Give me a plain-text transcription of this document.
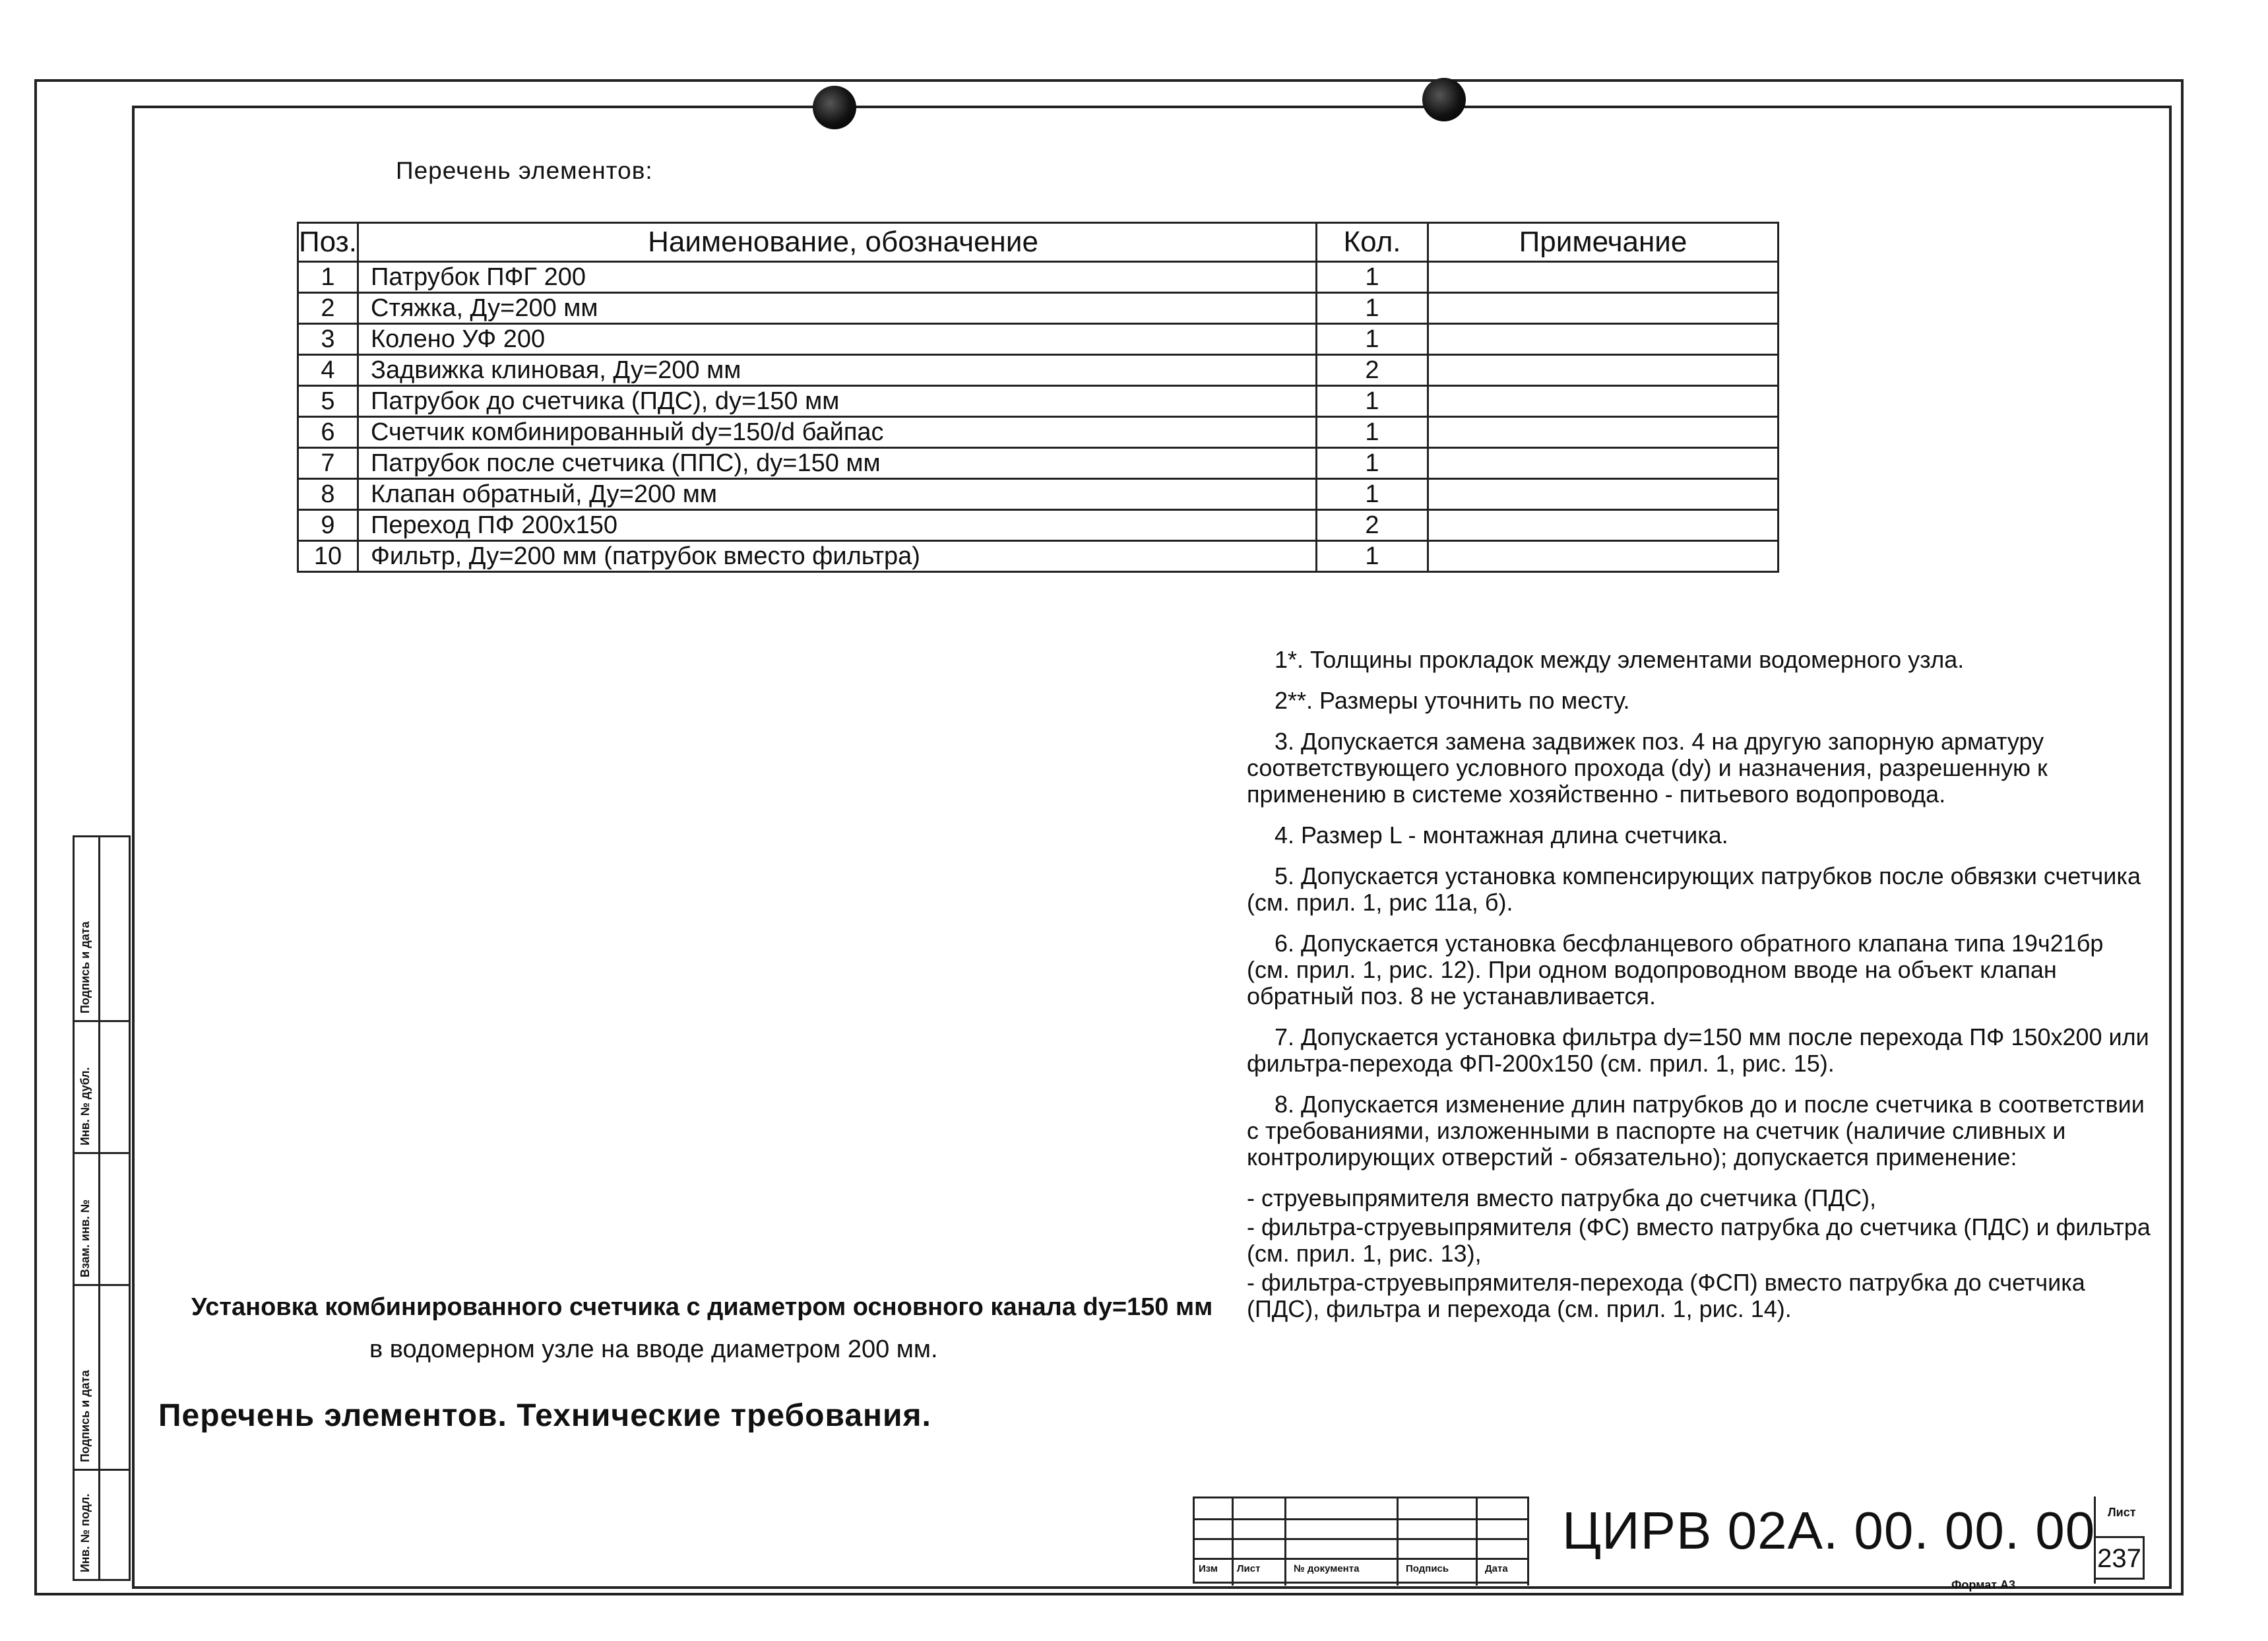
Перечень элементов:
Поз.	Наименование, обозначение	Кол.	Примечание
1	Патрубок ПФГ 200	1	
2	Стяжка, Ду=200 мм	1	
3	Колено УФ 200	1	
4	Задвижка клиновая, Ду=200 мм	2	
5	Патрубок до счетчика (ПДС), dy=150 мм	1	
6	Счетчик комбинированный dy=150/d байпас	1	
7	Патрубок после счетчика (ППС), dy=150 мм	1	
8	Клапан обратный, Ду=200 мм	1	
9	Переход ПФ 200х150	2	
10	Фильтр, Ду=200 мм (патрубок вместо фильтра)	1	

1*. Толщины прокладок между элементами водомерного узла.

2**. Размеры уточнить по месту.

3. Допускается замена задвижек поз. 4 на другую запорную арматуру соответствующего условного прохода (dy) и назначения, разрешенную к применению в системе хозяйственно - питьевого водопровода.

4. Размер L - монтажная длина счетчика.

5. Допускается установка компенсирующих патрубков после обвязки счетчика (см. прил. 1, рис 11а, б).

6. Допускается установка бесфланцевого обратного клапана типа 19ч21бр (см. прил. 1, рис. 12). При одном водопроводном вводе на объект клапан обратный поз. 8 не устанавливается.

7. Допускается установка фильтра dy=150 мм после перехода ПФ 150х200 или фильтра-перехода ФП-200х150 (см. прил. 1, рис. 15).

8. Допускается изменение длин патрубков до и после счетчика в соответствии с требованиями, изложенными в паспорте на счетчик (наличие сливных и контролирующих отверстий - обязательно); допускается применение:

- струевыпрямителя вместо патрубка до счетчика (ПДС),

- фильтра-струевыпрямителя (ФС) вместо патрубка до счетчика (ПДС) и фильтра (см. прил. 1, рис. 13),

- фильтра-струевыпрямителя-перехода (ФСП) вместо патрубка до счетчика (ПДС), фильтра и перехода (см. прил. 1, рис. 14).

Установка комбинированного счетчика с диаметром основного канала dy=150 мм
в водомерном узле на вводе диаметром 200 мм.
Перечень элементов. Технические требования.
Подпись и дата
Инв. № дубл.
Взам. инв. №
Подпись и дата
Инв. № подл.	Изм Лист	№ документа	Подпись	Дата
ЦИРВ 02А. 00. 00. 00 Лист
237
Формат А3
